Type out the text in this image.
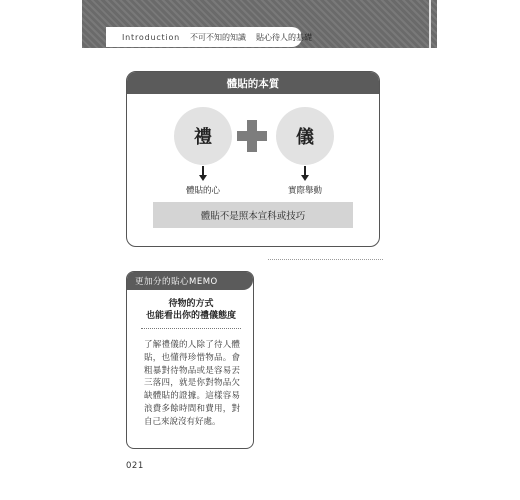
Introduction 不可不知的知識 貼心待人的基礎
體貼的本質
禮	儀
體貼的心	實際舉動
體貼不是照本宣科或技巧
更加分的貼心MEMO
待物的方式
也能看出你的禮儀態度
了解禮儀的人除了待人體貼，也懂得珍惜物品。會粗暴對待物品或是容易丟三落四，就是你對物品欠缺體貼的證據。這樣容易浪費多餘時間和費用，對自己來說沒有好處。
021
